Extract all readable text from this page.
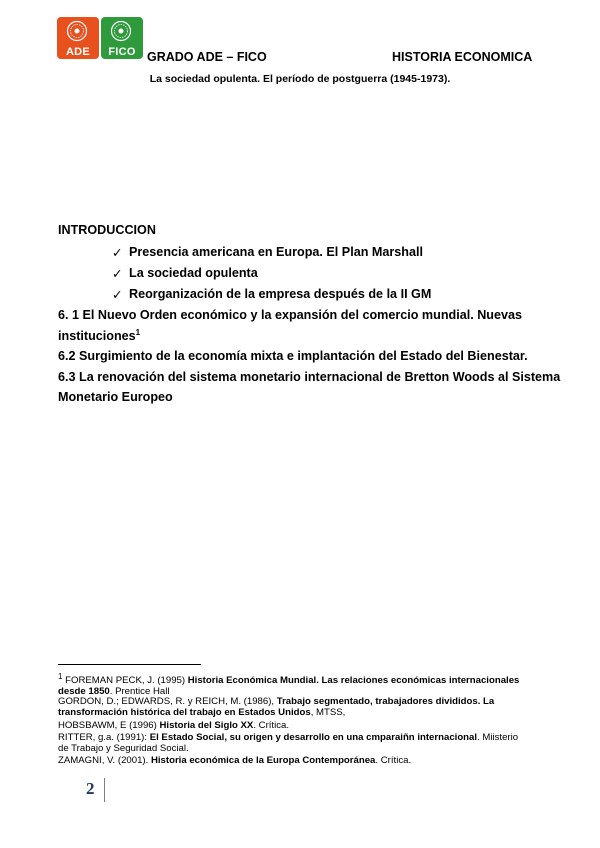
ADE	FICO GRADO ADE – FICO	HISTORIA ECONOMICA
La sociedad opulenta. El período de postguerra (1945-1973).
INTRODUCCION
✓ Presencia americana en Europa. El Plan Marshall
✓ La sociedad opulenta
✓ Reorganización de la empresa después de la II GM
6. 1 El Nuevo Orden económico y la expansión del comercio mundial. Nuevas
instituciones$^1$
6.2 Surgimiento de la economía mixta e implantación del Estado del Bienestar.
6.3 La renovación del sistema monetario internacional de Bretton Woods al Sistema
Monetario Europeo
$^1$ FOREMAN PECK, J. (1995) Historia Económica Mundial. Las relaciones económicas internacionales
desde 1850. Prentice Hall
GORDON, D.; EDWARDS, R. y REICH, M. (1986), Trabajo segmentado, trabajadores divididos. La
transformación histórica del trabajo en Estados Unidos, MTSS,
HOBSBAWM, E (1996) Historia del Siglo XX. Crítica.
RITTER, g.a. (1991): El Estado Social, su origen y desarrollo en una cmparaiñn internacional. Miisterio
de Trabajo y Seguridad Social.
ZAMAGNI, V. (2001). Historia económica de la Europa Contemporánea. Crítica.
2
